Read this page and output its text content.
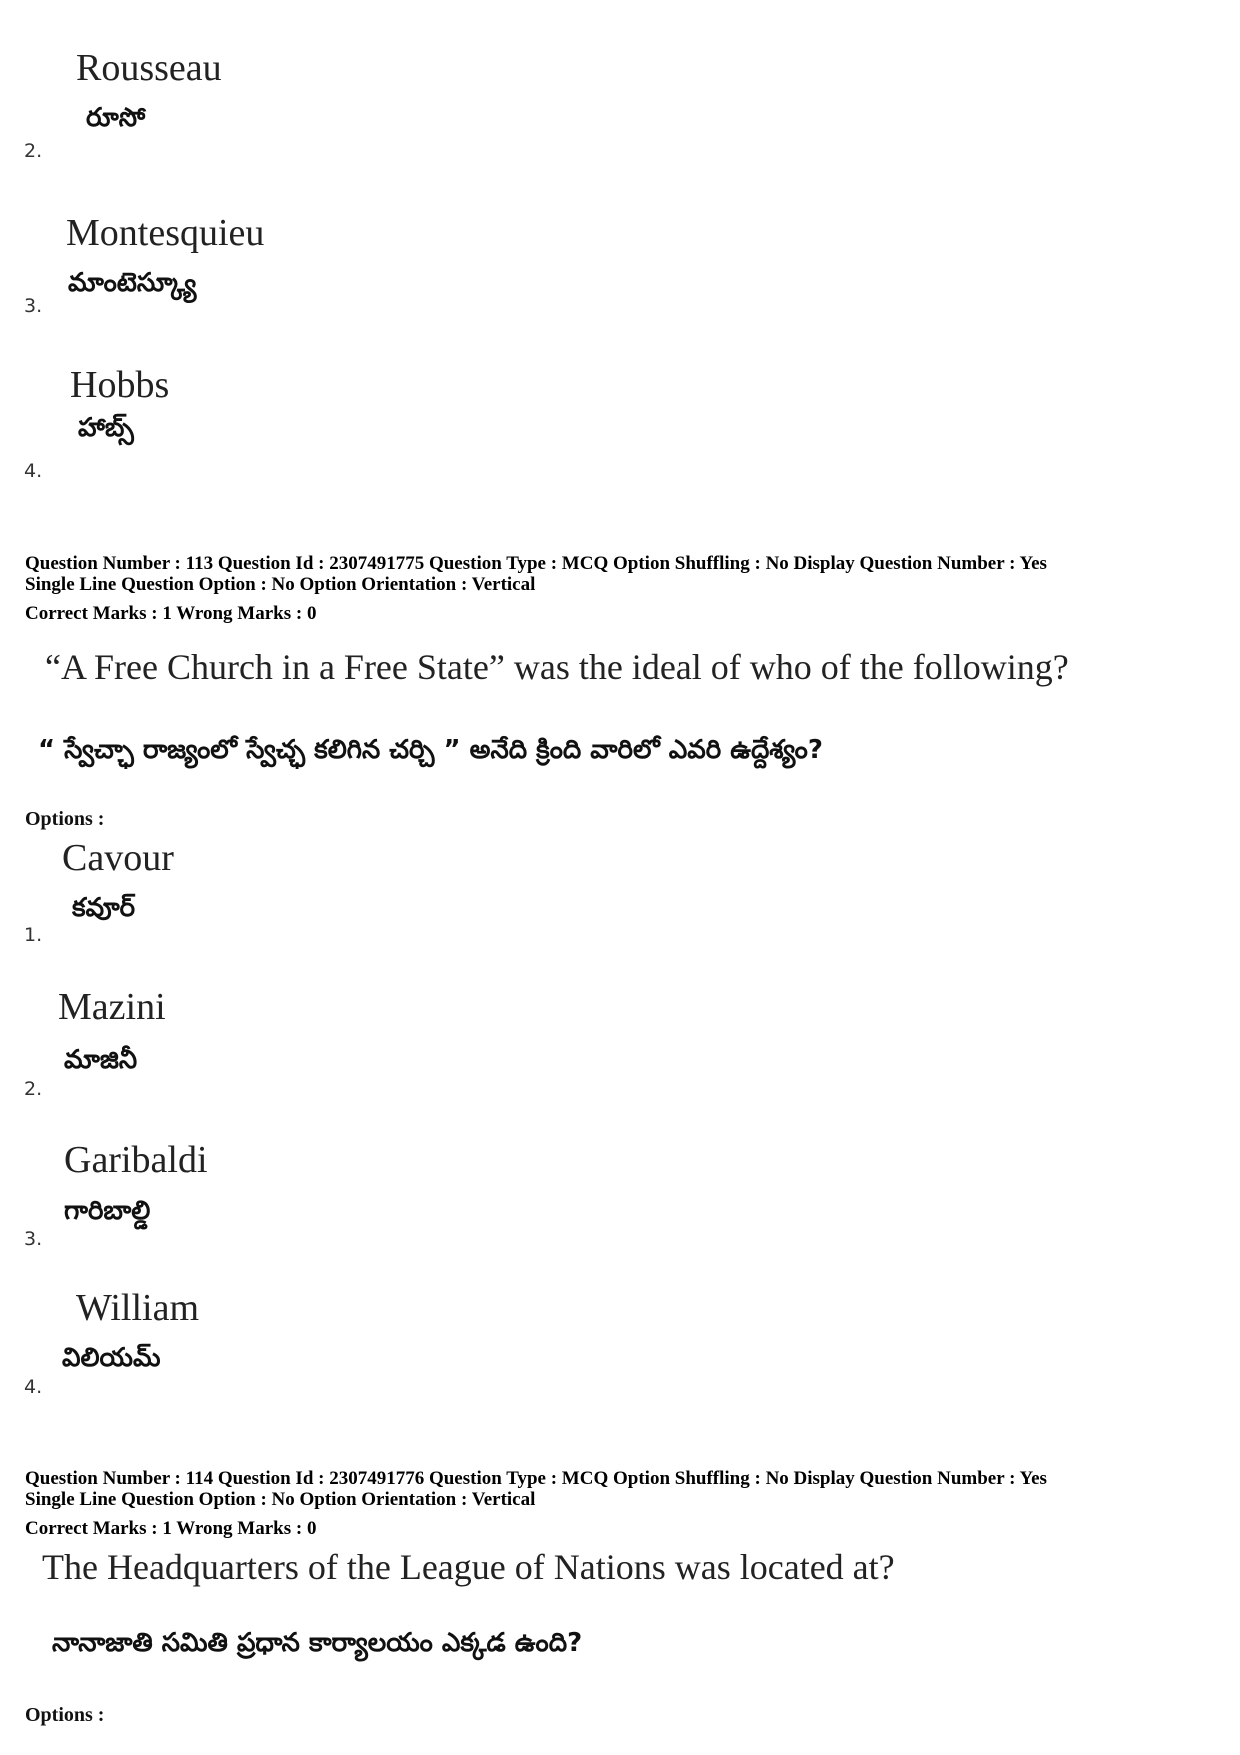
Rousseau
రూసో
2.
Montesquieu
మాంటెస్క్యూ
3.
Hobbs
హాబ్స్
4.
Question Number : 113 Question Id : 2307491775 Question Type : MCQ Option Shuffling : No Display Question Number : Yes
Single Line Question Option : No Option Orientation : Vertical
Correct Marks : 1 Wrong Marks : 0
“A Free Church in a Free State” was the ideal of who of the following?
“ స్వేచ్ఛా రాజ్యంలో స్వేచ్ఛ కలిగిన చర్చి ” అనేది క్రింది వారిలో ఎవరి ఉద్దేశ్యం?
Options :
Cavour
కవూర్
1.
Mazini
మాజినీ
2.
Garibaldi
గారిబాల్డి
3.
William
విలియమ్
4.
Question Number : 114 Question Id : 2307491776 Question Type : MCQ Option Shuffling : No Display Question Number : Yes
Single Line Question Option : No Option Orientation : Vertical
Correct Marks : 1 Wrong Marks : 0
The Headquarters of the League of Nations was located at?
నానాజాతి సమితి ప్రధాన కార్యాలయం ఎక్కడ ఉంది?
Options :
